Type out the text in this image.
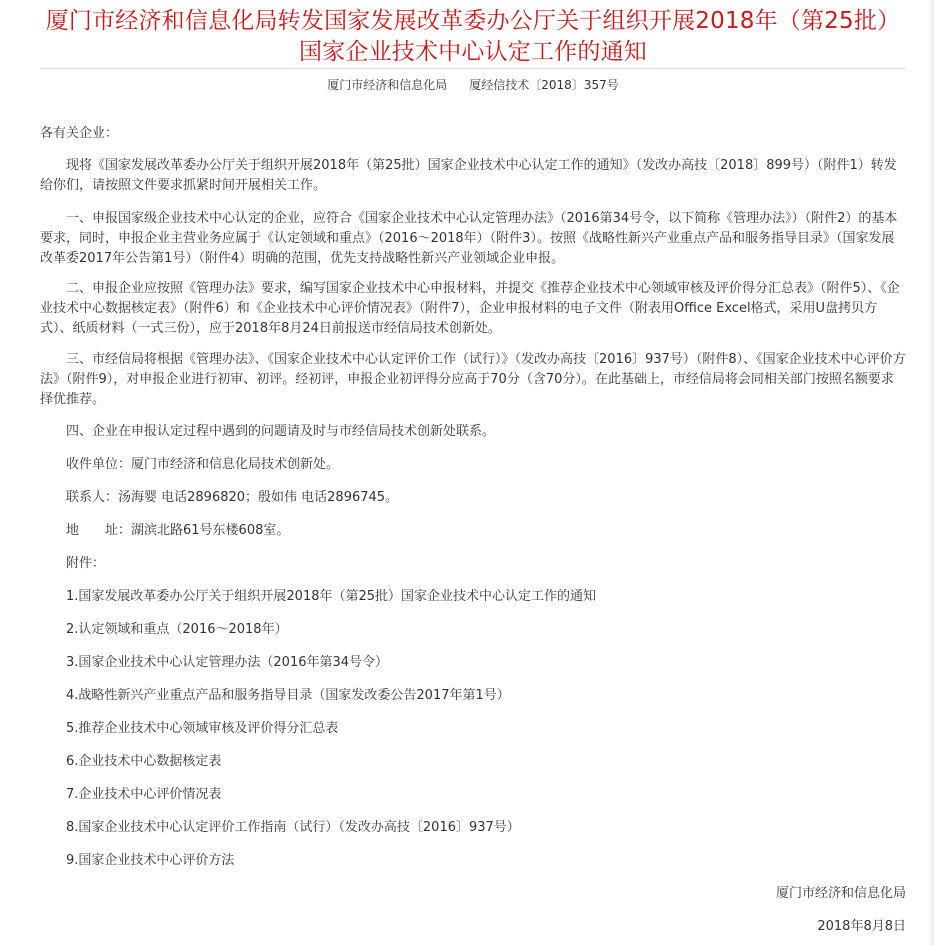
厦门市经济和信息化局转发国家发展改革委办公厅关于组织开展2018年（第25批）国家企业技术中心认定工作的通知
厦门市经济和信息化局 厦经信技术〔2018〕357号
各有关企业：
现将《国家发展改革委办公厅关于组织开展2018年（第25批）国家企业技术中心认定工作的通知》（发改办高技〔2018〕899号）（附件1）转发给你们，请按照文件要求抓紧时间开展相关工作。
一、申报国家级企业技术中心认定的企业，应符合《国家企业技术中心认定管理办法》（2016第34号令，以下简称《管理办法》）（附件2）的基本要求，同时，申报企业主营业务应属于《认定领域和重点》（2016～2018年）（附件3）。按照《战略性新兴产业重点产品和服务指导目录》（国家发展改革委2017年公告第1号）（附件4）明确的范围，优先支持战略性新兴产业领域企业申报。
二、申报企业应按照《管理办法》要求，编写国家企业技术中心申报材料，并提交《推荐企业技术中心领域审核及评价得分汇总表》（附件5）、《企业技术中心数据核定表》（附件6）和《企业技术中心评价情况表》（附件7），企业申报材料的电子文件（附表用Office Excel格式，采用U盘拷贝方式）、纸质材料（一式三份），应于2018年8月24日前报送市经信局技术创新处。
三、市经信局将根据《管理办法》、《国家企业技术中心认定评价工作（试行）》（发改办高技〔2016〕937号）（附件8）、《国家企业技术中心评价方法》（附件9），对申报企业进行初审、初评。经初评，申报企业初评得分应高于70分（含70分）。在此基础上，市经信局将会同相关部门按照名额要求择优推荐。
四、企业在申报认定过程中遇到的问题请及时与市经信局技术创新处联系。
收件单位：厦门市经济和信息化局技术创新处。
联系人：汤海婴 电话2896820；殷如伟 电话2896745。
地　　址：湖滨北路61号东楼608室。
附件：
1.国家发展改革委办公厅关于组织开展2018年（第25批）国家企业技术中心认定工作的通知
2.认定领域和重点（2016～2018年）
3.国家企业技术中心认定管理办法（2016年第34号令）
4.战略性新兴产业重点产品和服务指导目录（国家发改委公告2017年第1号）
5.推荐企业技术中心领域审核及评价得分汇总表
6.企业技术中心数据核定表
7.企业技术中心评价情况表
8.国家企业技术中心认定评价工作指南（试行）（发改办高技〔2016〕937号）
9.国家企业技术中心评价方法
厦门市经济和信息化局
2018年8月8日
